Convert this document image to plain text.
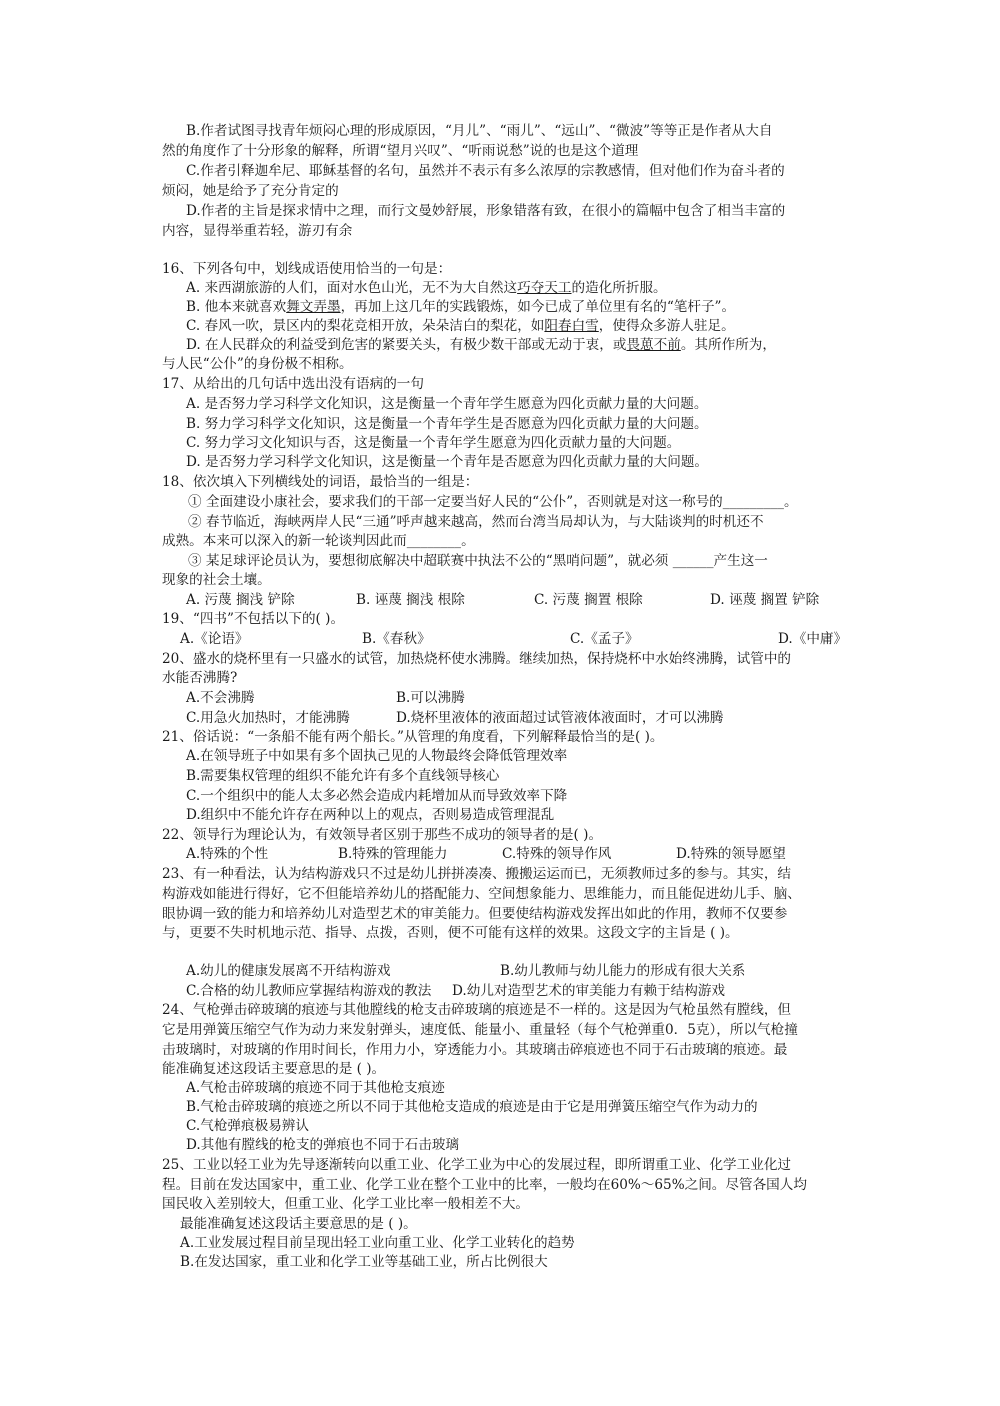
B.作者试图寻找青年烦闷心理的形成原因，“月儿”、“雨儿”、“远山”、“微波”等等正是作者从大自
然的角度作了十分形象的解释，所谓“望月兴叹”、“听雨说愁”说的也是这个道理
C.作者引释迦牟尼、耶稣基督的名句，虽然并不表示有多么浓厚的宗教感情，但对他们作为奋斗者的
烦闷，她是给予了充分肯定的
D.作者的主旨是探求情中之理，而行文曼妙舒展，形象错落有致，在很小的篇幅中包含了相当丰富的
内容，显得举重若轻，游刃有余
16、下列各句中，划线成语使用恰当的一句是：
A. 来西湖旅游的人们，面对水色山光，无不为大自然这巧夺天工的造化所折服。
B. 他本来就喜欢舞文弄墨，再加上这几年的实践锻炼，如今已成了单位里有名的“笔杆子”。
C. 春风一吹，景区内的梨花竞相开放，朵朵洁白的梨花，如阳春白雪，使得众多游人驻足。
D. 在人民群众的利益受到危害的紧要关头，有极少数干部或无动于衷，或畏葸不前。其所作所为，
与人民“公仆”的身份极不相称。
17、从给出的几句话中选出没有语病的一句
A. 是否努力学习科学文化知识，这是衡量一个青年学生愿意为四化贡献力量的大问题。
B. 努力学习科学文化知识，这是衡量一个青年学生是否愿意为四化贡献力量的大问题。
C. 努力学习文化知识与否，这是衡量一个青年学生愿意为四化贡献力量的大问题。
D. 是否努力学习科学文化知识，这是衡量一个青年是否愿意为四化贡献力量的大问题。
18、依次填入下列横线处的词语，最恰当的一组是：
① 全面建设小康社会，要求我们的干部一定要当好人民的“公仆”，否则就是对这一称号的_________。
② 春节临近，海峡两岸人民“三通”呼声越来越高，然而台湾当局却认为，与大陆谈判的时机还不
成熟。本来可以深入的新一轮谈判因此而________。
③ 某足球评论员认为，要想彻底解决中超联赛中执法不公的“黑哨问题”，就必须 ______产生这一
现象的社会土壤。
A. 污蔑 搁浅 铲除	B. 诬蔑 搁浅 根除	C. 污蔑 搁置 根除	D. 诬蔑 搁置 铲除
19、“四书”不包括以下的( )。
A.《论语》	B.《春秋》	C.《孟子》	D.《中庸》
20、盛水的烧杯里有一只盛水的试管，加热烧杯使水沸腾。继续加热，保持烧杯中水始终沸腾，试管中的
水能否沸腾?
A.不会沸腾	B.可以沸腾
C.用急火加热时，才能沸腾	D.烧杯里液体的液面超过试管液体液面时，才可以沸腾
21、俗话说：“一条船不能有两个船长。”从管理的角度看，下列解释最恰当的是( )。
A.在领导班子中如果有多个固执己见的人物最终会降低管理效率
B.需要集权管理的组织不能允许有多个直线领导核心
C.一个组织中的能人太多必然会造成内耗增加从而导致效率下降
D.组织中不能允许存在两种以上的观点，否则易造成管理混乱
22、领导行为理论认为，有效领导者区别于那些不成功的领导者的是( )。
A.特殊的个性	B.特殊的管理能力	C.特殊的领导作风	D.特殊的领导愿望
23、有一种看法，认为结构游戏只不过是幼儿拼拼凑凑、搬搬运运而已，无须教师过多的参与。其实，结
构游戏如能进行得好，它不但能培养幼儿的搭配能力、空间想象能力、思维能力，而且能促进幼儿手、脑、
眼协调一致的能力和培养幼儿对造型艺术的审美能力。但要使结构游戏发挥出如此的作用，教师不仅要参
与，更要不失时机地示范、指导、点拨，否则，便不可能有这样的效果。这段文字的主旨是 ( )。
A.幼儿的健康发展离不开结构游戏	B.幼儿教师与幼儿能力的形成有很大关系
C.合格的幼儿教师应掌握结构游戏的教法 D.幼儿对造型艺术的审美能力有赖于结构游戏
24、气枪弹击碎玻璃的痕迹与其他膛线的枪支击碎玻璃的痕迹是不一样的。这是因为气枪虽然有膛线，但
它是用弹簧压缩空气作为动力来发射弹头，速度低、能量小、重量轻（每个气枪弹重0．5克），所以气枪撞
击玻璃时，对玻璃的作用时间长，作用力小，穿透能力小。其玻璃击碎痕迹也不同于石击玻璃的痕迹。最
能准确复述这段话主要意思的是 ( )。
A.气枪击碎玻璃的痕迹不同于其他枪支痕迹
B.气枪击碎玻璃的痕迹之所以不同于其他枪支造成的痕迹是由于它是用弹簧压缩空气作为动力的
C.气枪弹痕极易辨认
D.其他有膛线的枪支的弹痕也不同于石击玻璃
25、工业以轻工业为先导逐渐转向以重工业、化学工业为中心的发展过程，即所谓重工业、化学工业化过
程。目前在发达国家中，重工业、化学工业在整个工业中的比率，一般均在60%～65%之间。尽管各国人均
国民收入差别较大，但重工业、化学工业比率一般相差不大。
最能准确复述这段话主要意思的是 ( )。
A.工业发展过程目前呈现出轻工业向重工业、化学工业转化的趋势
B.在发达国家，重工业和化学工业等基础工业，所占比例很大
